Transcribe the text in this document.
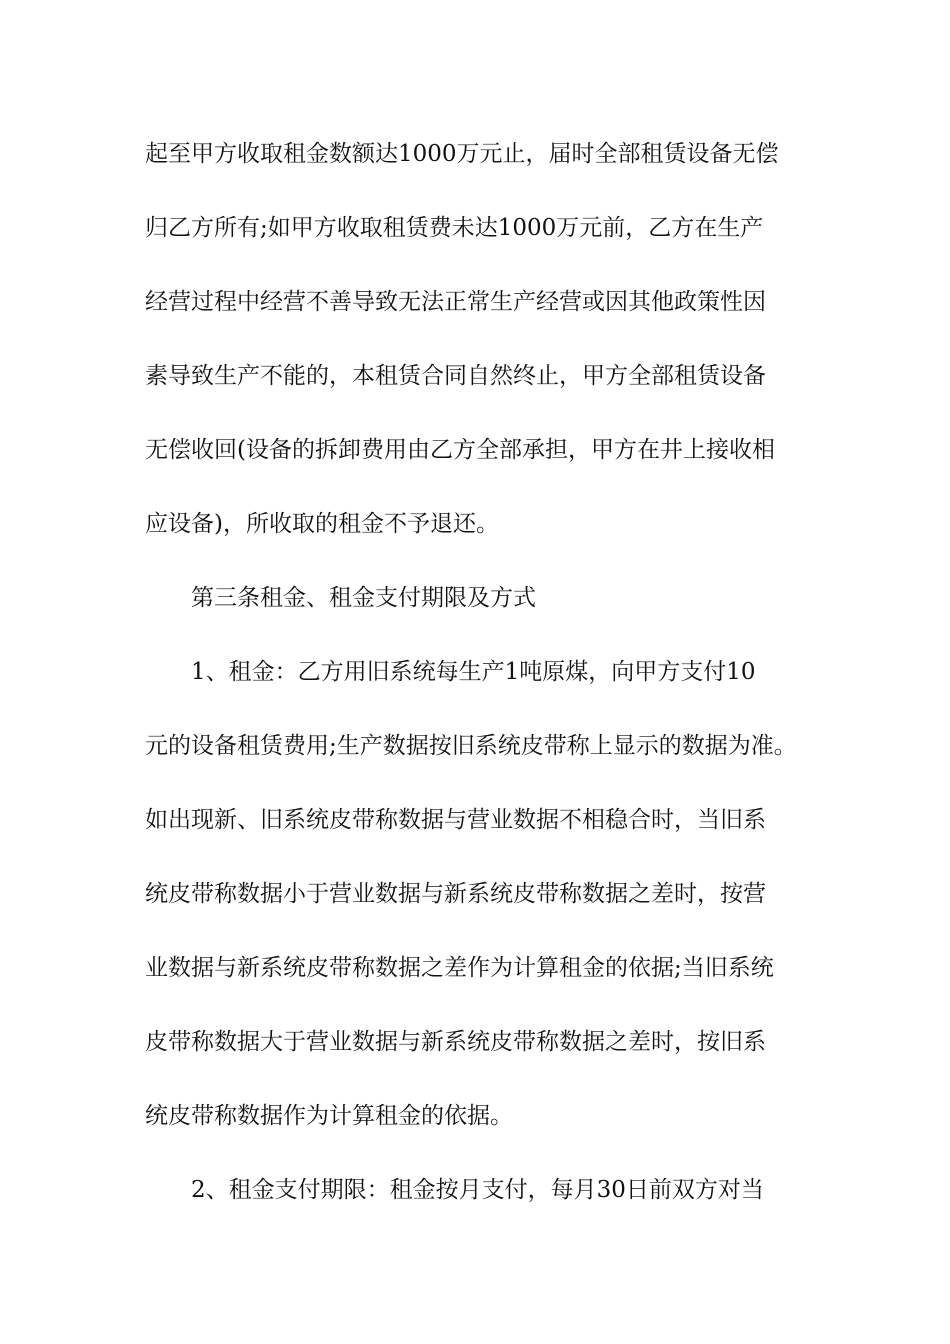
起至甲方收取租金数额达1000万元止，届时全部租赁设备无偿
归乙方所有;如甲方收取租赁费未达1000万元前，乙方在生产
经营过程中经营不善导致无法正常生产经营或因其他政策性因
素导致生产不能的，本租赁合同自然终止，甲方全部租赁设备
无偿收回(设备的拆卸费用由乙方全部承担，甲方在井上接收相
应设备)，所收取的租金不予退还。
第三条租金、租金支付期限及方式
1、租金：乙方用旧系统每生产1吨原煤，向甲方支付10
元的设备租赁费用;生产数据按旧系统皮带称上显示的数据为准。
如出现新、旧系统皮带称数据与营业数据不相稳合时，当旧系
统皮带称数据小于营业数据与新系统皮带称数据之差时，按营
业数据与新系统皮带称数据之差作为计算租金的依据;当旧系统
皮带称数据大于营业数据与新系统皮带称数据之差时，按旧系
统皮带称数据作为计算租金的依据。
2、租金支付期限：租金按月支付，每月30日前双方对当
